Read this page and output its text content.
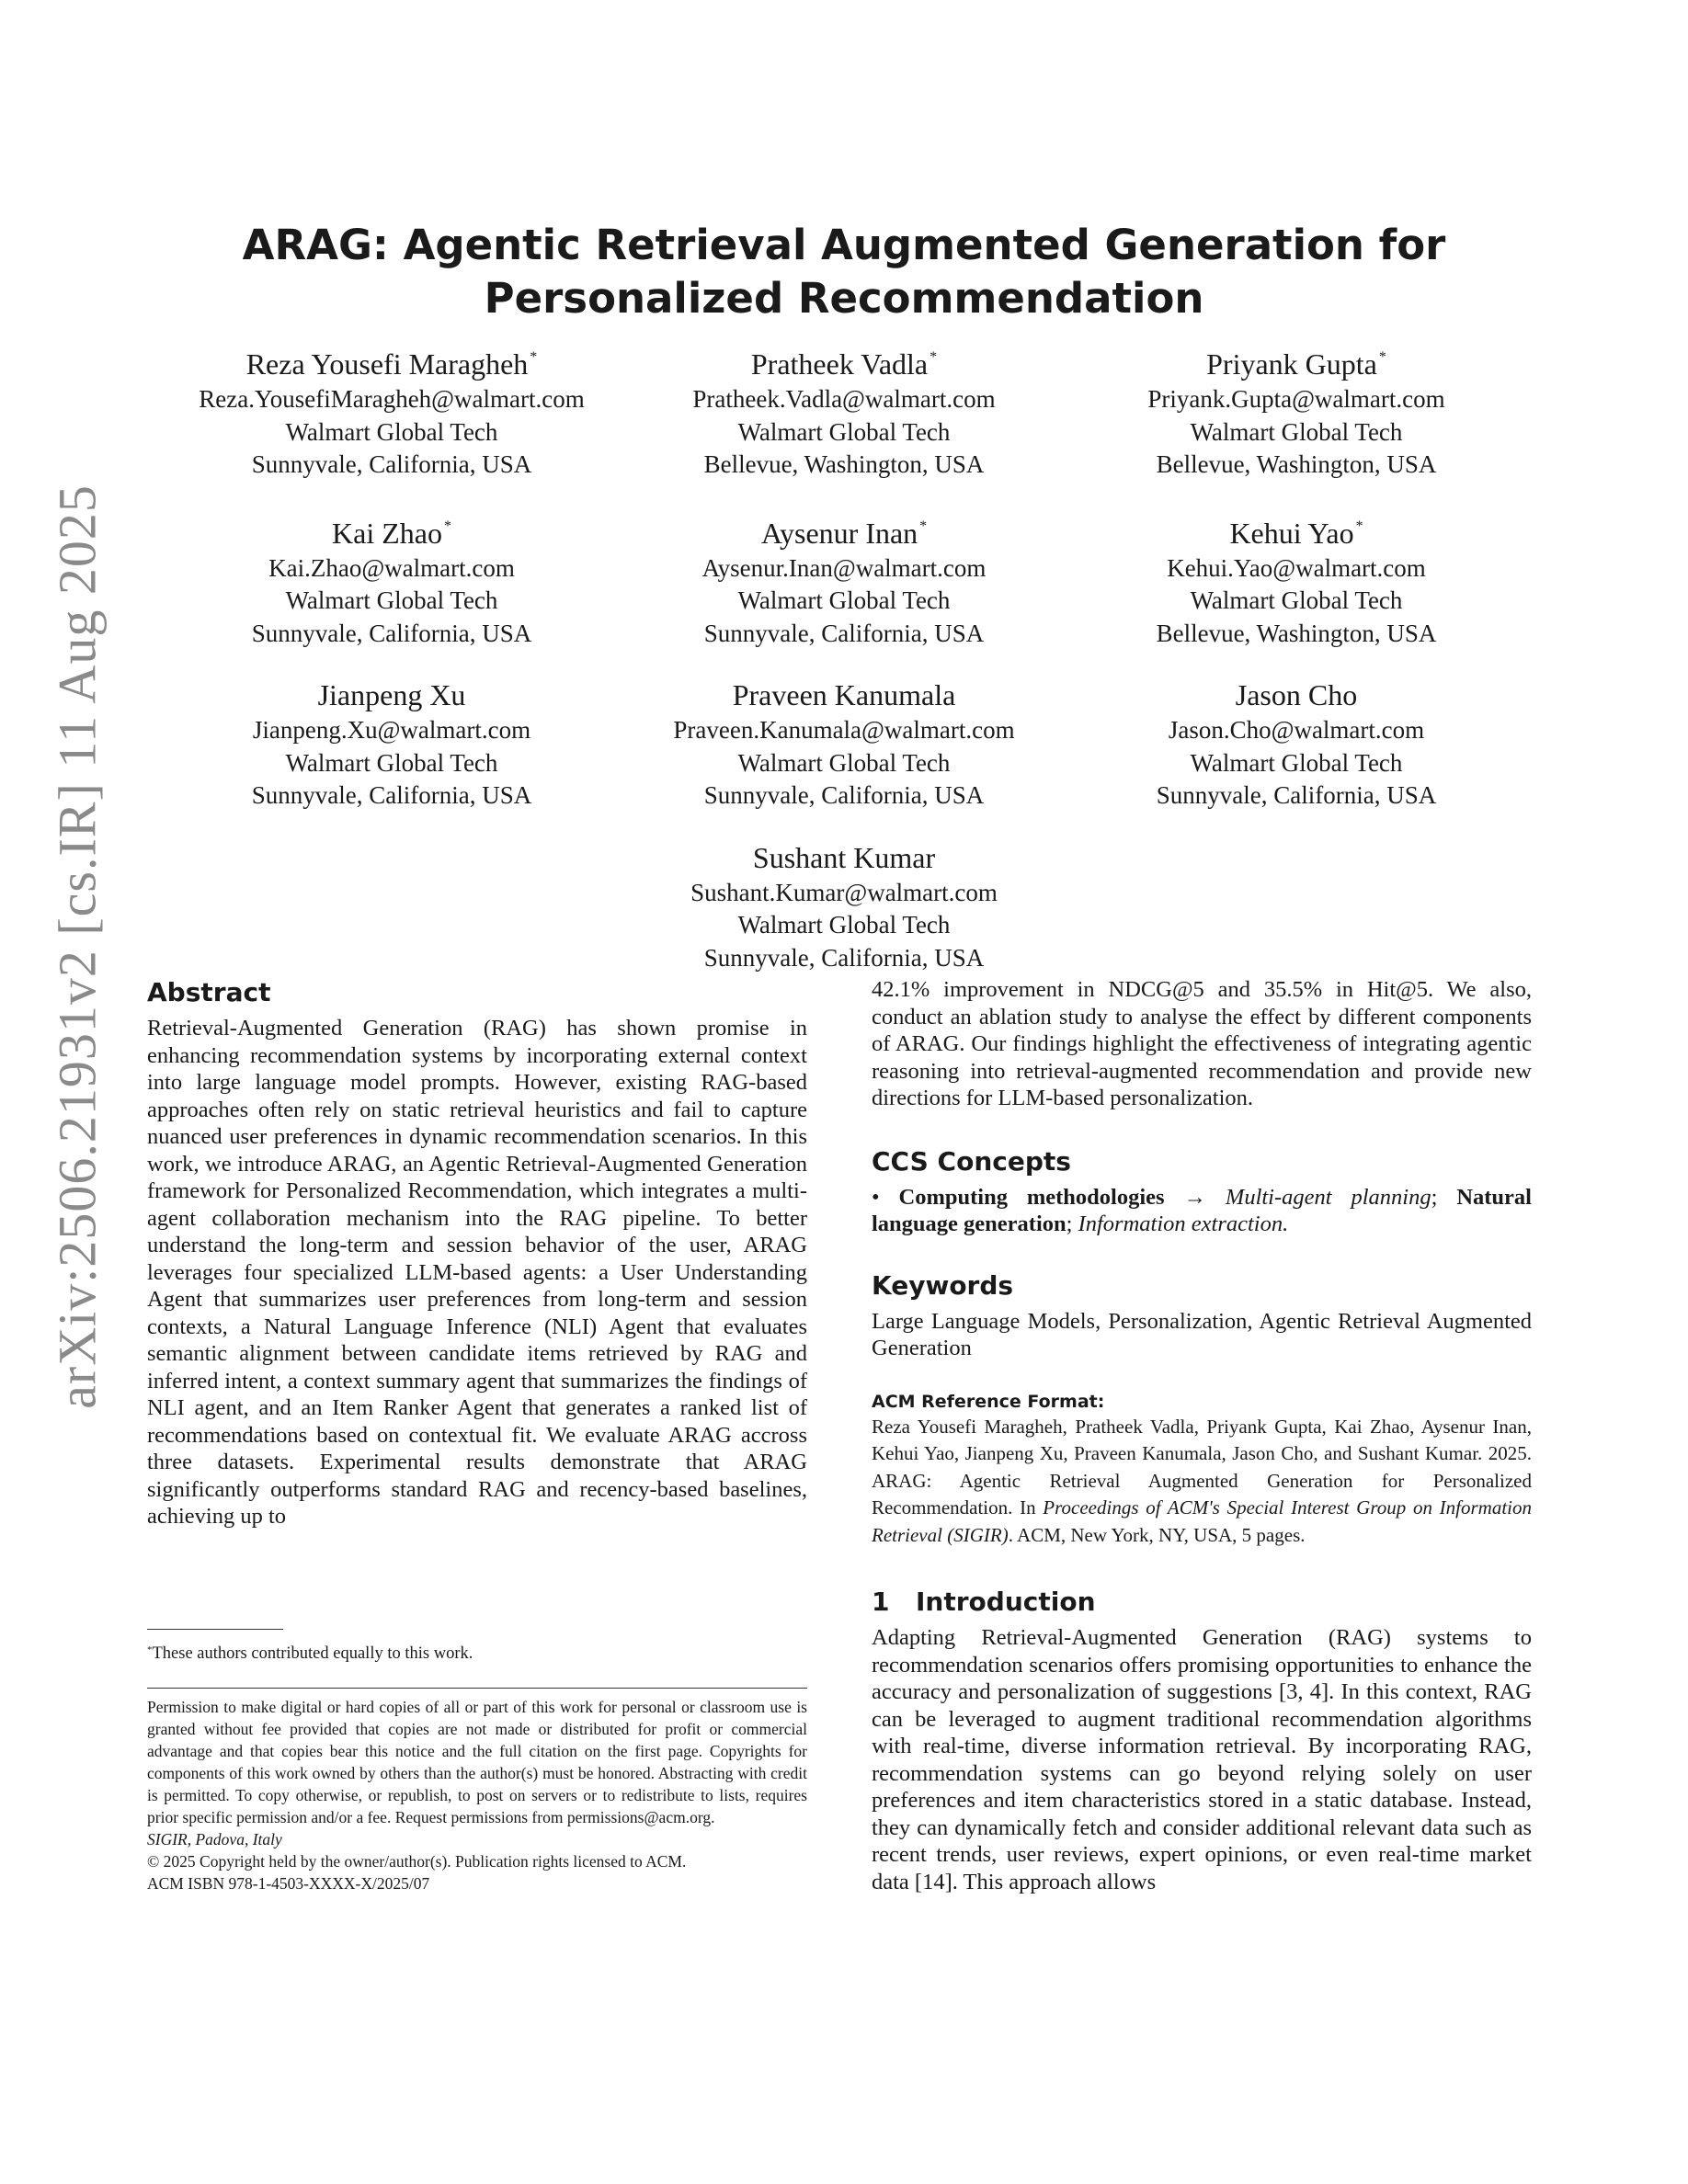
arXiv:2506.21931v2 [cs.IR] 11 Aug 2025
ARAG: Agentic Retrieval Augmented Generation for
Personalized Recommendation
Reza Yousefi Maragheh *
Reza.YousefiMaragheh@walmart.com
Walmart Global Tech
Sunnyvale, California, USA
Pratheek Vadla *
Pratheek.Vadla@walmart.com
Walmart Global Tech
Bellevue, Washington, USA
Priyank Gupta *
Priyank.Gupta@walmart.com
Walmart Global Tech
Bellevue, Washington, USA
Kai Zhao *
Kai.Zhao@walmart.com
Walmart Global Tech
Sunnyvale, California, USA
Aysenur Inan *
Aysenur.Inan@walmart.com
Walmart Global Tech
Sunnyvale, California, USA
Kehui Yao *
Kehui.Yao@walmart.com
Walmart Global Tech
Bellevue, Washington, USA
Jianpeng Xu
Jianpeng.Xu@walmart.com
Walmart Global Tech
Sunnyvale, California, USA
Praveen Kanumala
Praveen.Kanumala@walmart.com
Walmart Global Tech
Sunnyvale, California, USA
Jason Cho
Jason.Cho@walmart.com
Walmart Global Tech
Sunnyvale, California, USA
Sushant Kumar
Sushant.Kumar@walmart.com
Walmart Global Tech
Sunnyvale, California, USA
Abstract

Retrieval-Augmented Generation (RAG) has shown promise in enhancing recommendation systems by incorporating external context into large language model prompts. However, existing RAG-based approaches often rely on static retrieval heuristics and fail to capture nuanced user preferences in dynamic recommendation scenarios. In this work, we introduce ARAG, an Agentic Retrieval-Augmented Generation framework for Personalized Recommendation, which integrates a multi-agent collaboration mechanism into the RAG pipeline. To better understand the long-term and session behavior of the user, ARAG leverages four specialized LLM-based agents: a User Understanding Agent that summarizes user preferences from long-term and session contexts, a Natural Language Inference (NLI) Agent that evaluates semantic alignment between candidate items retrieved by RAG and inferred intent, a context summary agent that summarizes the findings of NLI agent, and an Item Ranker Agent that generates a ranked list of recommendations based on contextual fit. We evaluate ARAG accross three datasets. Experimental results demonstrate that ARAG significantly outperforms standard RAG and recency-based baselines, achieving up to

*These authors contributed equally to this work.

Permission to make digital or hard copies of all or part of this work for personal or classroom use is granted without fee provided that copies are not made or distributed for profit or commercial advantage and that copies bear this notice and the full citation on the first page. Copyrights for components of this work owned by others than the author(s) must be honored. Abstracting with credit is permitted. To copy otherwise, or republish, to post on servers or to redistribute to lists, requires prior specific permission and/or a fee. Request permissions from permissions@acm.org.

SIGIR, Padova, Italy

© 2025 Copyright held by the owner/author(s). Publication rights licensed to ACM.

ACM ISBN 978-1-4503-XXXX-X/2025/07

42.1% improvement in NDCG@5 and 35.5% in Hit@5. We also, conduct an ablation study to analyse the effect by different components of ARAG. Our findings highlight the effectiveness of integrating agentic reasoning into retrieval-augmented recommendation and provide new directions for LLM-based personalization.

CCS Concepts

• Computing methodologies → Multi-agent planning; Natural language generation; Information extraction.

Keywords

Large Language Models, Personalization, Agentic Retrieval Augmented Generation

ACM Reference Format:

Reza Yousefi Maragheh, Pratheek Vadla, Priyank Gupta, Kai Zhao, Aysenur Inan, Kehui Yao, Jianpeng Xu, Praveen Kanumala, Jason Cho, and Sushant Kumar. 2025. ARAG: Agentic Retrieval Augmented Generation for Personalized Recommendation. In Proceedings of ACM's Special Interest Group on Information Retrieval (SIGIR). ACM, New York, NY, USA, 5 pages.

1 Introduction

Adapting Retrieval-Augmented Generation (RAG) systems to recommendation scenarios offers promising opportunities to enhance the accuracy and personalization of suggestions [3, 4]. In this context, RAG can be leveraged to augment traditional recommendation algorithms with real-time, diverse information retrieval. By incorporating RAG, recommendation systems can go beyond relying solely on user preferences and item characteristics stored in a static database. Instead, they can dynamically fetch and consider additional relevant data such as recent trends, user reviews, expert opinions, or even real-time market data [14]. This approach allows
